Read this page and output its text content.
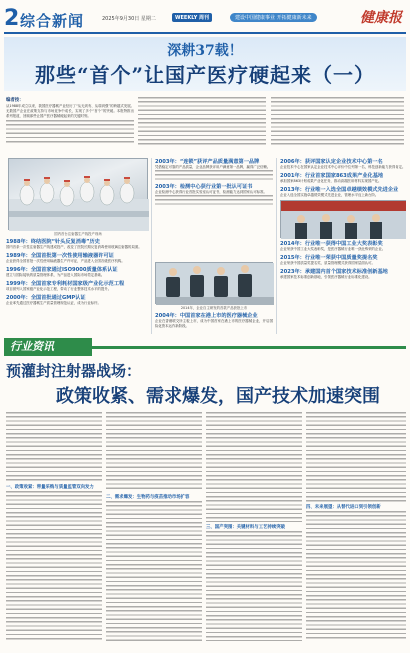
2 综合新闻	2025年9月30日 星期二	WEEKLY 周刊	建设中国健康事业 开拓健康新未来	健康报
深耕37载！
那些“首个”让国产医疗硬起来（一）
编者按：
从1988年成立以来，我国医疗器械产业经历了“从无到有、从弱到强”的跨越式发展。无数国产企业在政策支持与市场竞争中成长，实现了多个“首个”的突破。本报特推出系列报道，回顾那些让国产医疗器械硬起来的关键时刻。
国内首台注射器生产线投产现场
1988年：终结医院“针头反复消毒”历史
国内首条一次性注射器生产线建成投产，改变了医院长期反复消毒使用玻璃注射器的局面。
1989年：全国首批第一次性使用输液器许可证
企业获得全国首批一次性使用输液器生产许可证，产品进入全国各级医疗机构。
1996年：全国首家通过ISO9000质量体系认证
建立与国际接轨的质量管理体系，为产品进入国际市场奠定基础。
1999年：全国首家专利耗材国家级产业化示范工程
项目被列入国家级产业化示范工程，带动了行业整体技术水平的提升。
2000年：全国首批通过GMP认证
企业率先通过医疗器械生产质量管理规范认证，成为行业标杆。
2003年：“连锁”获评产品质量满意第一品牌
凭借稳定可靠的产品质量，企业品牌获评用户满意第一品牌，赢得广泛信赖。
2003年：检测中心获行业第一批认可证书
企业检测中心获得行业首批实验室认可证书，检测能力达到国家认可标准。
2014年，企业自主研发的首款产品获批上市
2004年：中国首家在港上市的医疗器械企业
企业在香港联交所主板上市，成为中国首家在港上市的医疗器械企业，开启国际化资本运作新阶段。
2006年：获评国家认定企业技术中心第一名
企业技术中心在国家认定企业技术中心评价中位列第一名，科技创新能力获得肯定。
2001年：行业首家国家863成果产业化基地
承担国家863计划成果产业化任务，推动高端医用材料实现国产化。
2013年：行业唯一入选全国卓越绩效模式先进企业
企业入选全国实施卓越绩效模式先进企业，管理水平迈上新台阶。
2014年：行业唯一获得中国工业大奖表彰奖
企业荣获中国工业大奖表彰奖，是医疗器械行业唯一获此殊荣的企业。
2015年：行业唯一荣获中国质量奖提名奖
企业荣获中国质量奖提名奖，质量管理模式获得国家层面认可。
2023年：承建国内首个国家技术标准创新基地
承建国家技术标准创新基地，引领医疗器械行业标准化建设。
行业资讯
预灌封注射器战场：
政策收紧、需求爆发，国产技术加速突围
一、政策收紧：带量采购与质量监管双向发力
二、需求爆发：生物药与疫苗推动市场扩容
三、国产突围：关键材料与工艺持续突破
四、未来展望：从替代进口到引领创新
